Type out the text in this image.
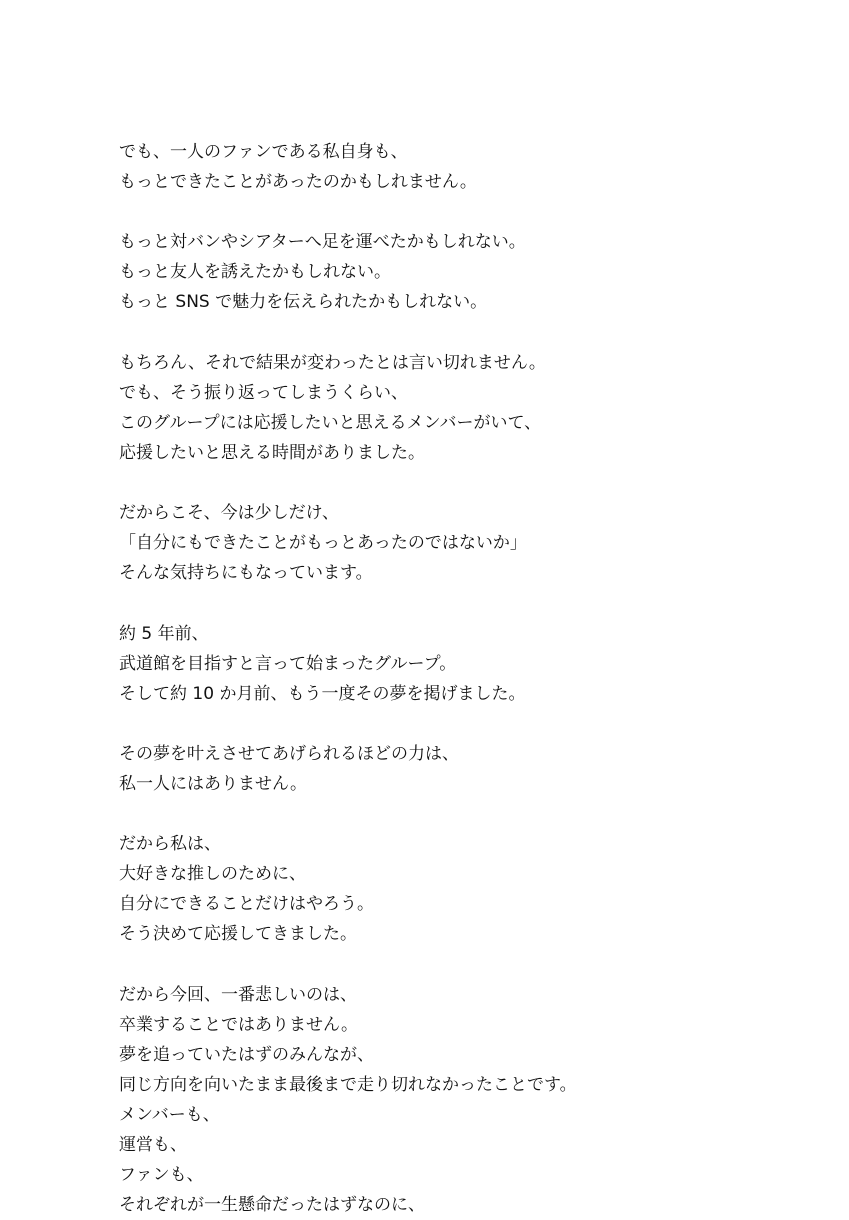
でも、一人のファンである私自身も、
もっとできたことがあったのかもしれません。
もっと対バンやシアターへ足を運べたかもしれない。
もっと友人を誘えたかもしれない。
もっと SNS で魅力を伝えられたかもしれない。
もちろん、それで結果が変わったとは言い切れません。
でも、そう振り返ってしまうくらい、
このグループには応援したいと思えるメンバーがいて、
応援したいと思える時間がありました。
だからこそ、今は少しだけ、
「自分にもできたことがもっとあったのではないか」
そんな気持ちにもなっています。
約 5 年前、
武道館を目指すと言って始まったグループ。
そして約 10 か月前、もう一度その夢を掲げました。
その夢を叶えさせてあげられるほどの力は、
私一人にはありません。
だから私は、
大好きな推しのために、
自分にできることだけはやろう。
そう決めて応援してきました。
だから今回、一番悲しいのは、
卒業することではありません。
夢を追っていたはずのみんなが、
同じ方向を向いたまま最後まで走り切れなかったことです。
メンバーも、
運営も、
ファンも、
それぞれが一生懸命だったはずなのに、
